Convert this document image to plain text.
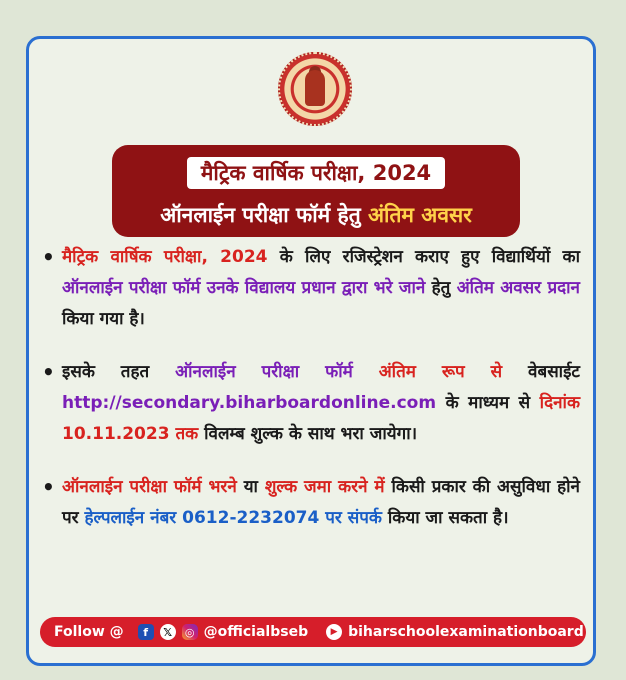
मैट्रिक वार्षिक परीक्षा, 2024
ऑनलाईन परीक्षा फॉर्म हेतु अंतिम अवसर
• मैट्रिक वार्षिक परीक्षा, 2024 के लिए रजिस्ट्रेशन कराए हुए विद्यार्थियों का ऑनलाईन परीक्षा फॉर्म उनके विद्यालय प्रधान द्वारा भरे जाने हेतु अंतिम अवसर प्रदान किया गया है।
• इसके तहत ऑनलाईन परीक्षा फॉर्म अंतिम रूप से वेबसाईट http://secondary.biharboardonline.com के माध्यम से दिनांक 10.11.2023 तक विलम्ब शुल्क के साथ भरा जायेगा।
• ऑनलाईन परीक्षा फॉर्म भरने या शुल्क जमा करने में किसी प्रकार की असुविधा होने पर हेल्पलाईन नंबर 0612-2232074 पर संपर्क किया जा सकता है।
Follow @	f	𝕏	◎ @officialbseb	▶ biharschoolexaminationboard
